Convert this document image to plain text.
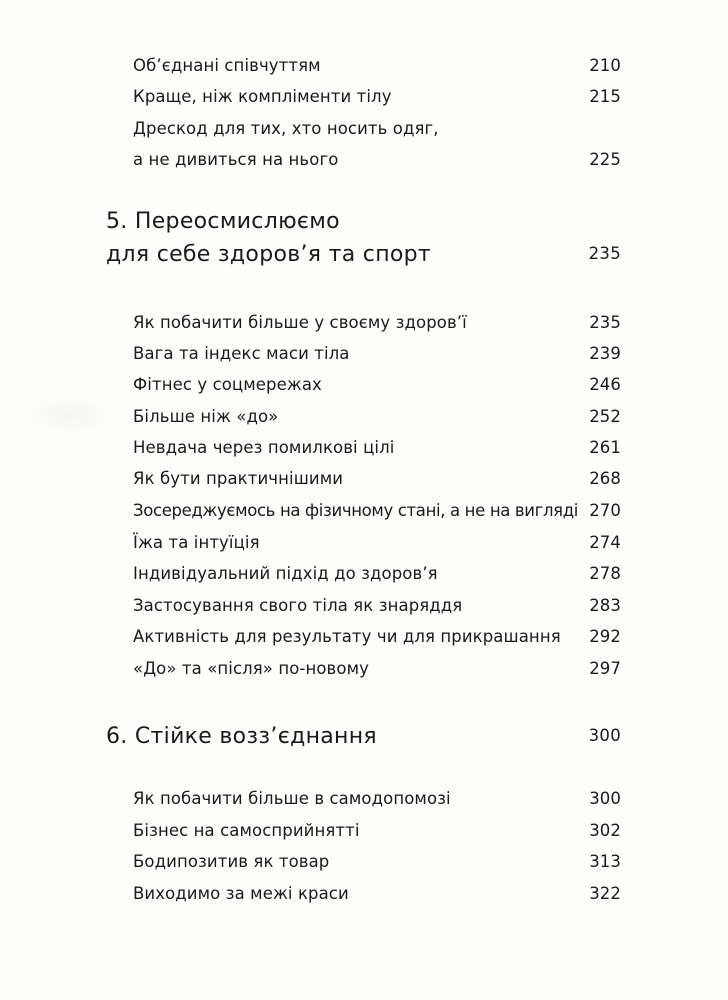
Об’єднані співчуттям	210
Краще, ніж компліменти тілу	215
Дрескод для тих, хто носить одяг,
а не дивиться на нього	225
5. Переосмислюємо
для себе здоров’я та спорт	235
Як побачити більше у своєму здоров’ї	235
Вага та індекс маси тіла	239
Фітнес у соцмережах	246
Більше ніж «до»	252
Невдача через помилкові цілі	261
Як бути практичнішими	268
Зосереджуємось на фізичному стані, а не на вигляді 270
Їжа та інтуїція	274
Індивідуальний підхід до здоров’я	278
Застосування свого тіла як знаряддя	283
Активність для результату чи для прикрашання	292
«До» та «після» по-новому	297
6. Стійке возз’єднання	300
Як побачити більше в самодопомозі	300
Бізнес на самосприйнятті	302
Бодипозитив як товар	313
Виходимо за межі краси	322
